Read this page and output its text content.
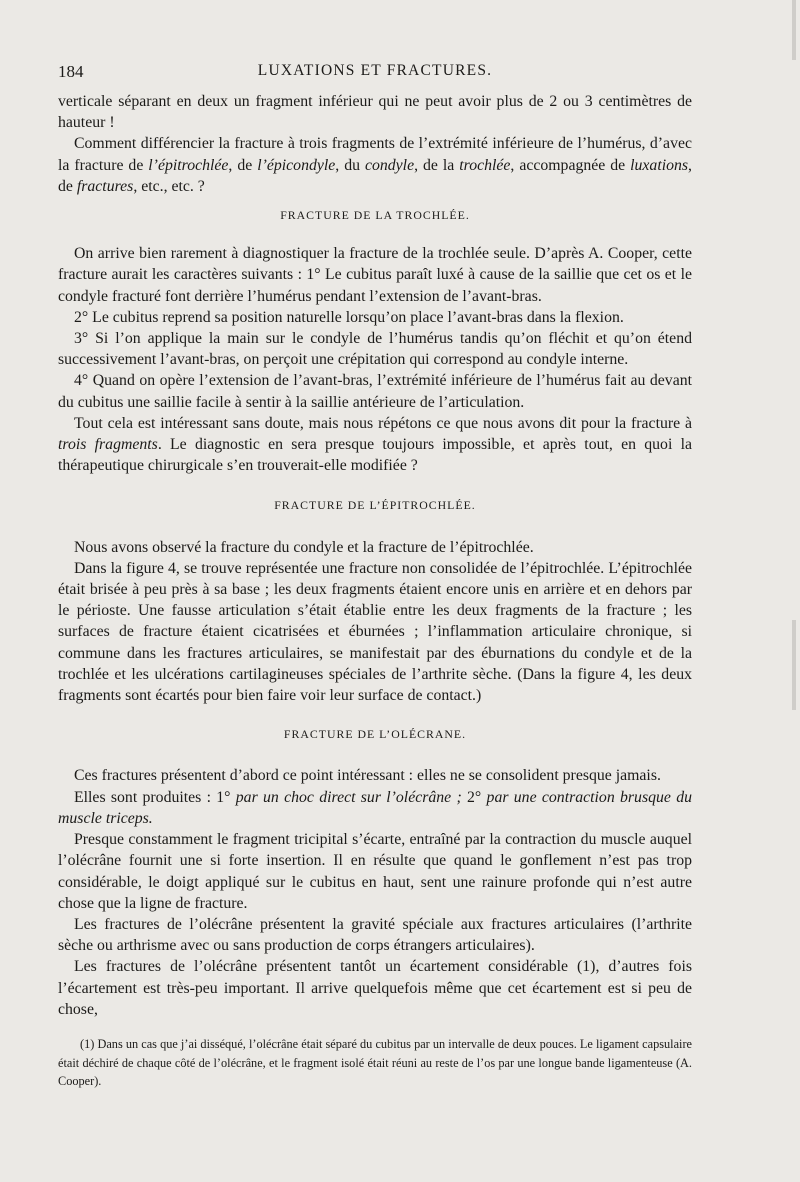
184	LUXATIONS ET FRACTURES.

verticale séparant en deux un fragment inférieur qui ne peut avoir plus de 2 ou 3 centimètres de hauteur !

Comment différencier la fracture à trois fragments de l’extrémité inférieure de l’humérus, d’avec la fracture de l’épitrochlée, de l’épicondyle, du condyle, de la trochlée, accompagnée de luxations, de fractures, etc., etc. ?

FRACTURE DE LA TROCHLÉE.

On arrive bien rarement à diagnostiquer la fracture de la trochlée seule. D’après A. Cooper, cette fracture aurait les caractères suivants : 1° Le cubitus paraît luxé à cause de la saillie que cet os et le condyle fracturé font derrière l’humérus pendant l’extension de l’avant-bras.

2° Le cubitus reprend sa position naturelle lorsqu’on place l’avant-bras dans la flexion.

3° Si l’on applique la main sur le condyle de l’humérus tandis qu’on fléchit et qu’on étend successivement l’avant-bras, on perçoit une crépitation qui correspond au condyle interne.

4° Quand on opère l’extension de l’avant-bras, l’extrémité inférieure de l’humérus fait au devant du cubitus une saillie facile à sentir à la saillie antérieure de l’articulation.

Tout cela est intéressant sans doute, mais nous répétons ce que nous avons dit pour la fracture à trois fragments. Le diagnostic en sera presque toujours impossible, et après tout, en quoi la thérapeutique chirurgicale s’en trouverait-elle modifiée ?

FRACTURE DE L’ÉPITROCHLÉE.

Nous avons observé la fracture du condyle et la fracture de l’épitrochlée.

Dans la figure 4, se trouve représentée une fracture non consolidée de l’épitrochlée. L’épitrochlée était brisée à peu près à sa base ; les deux fragments étaient encore unis en arrière et en dehors par le périoste. Une fausse articulation s’était établie entre les deux fragments de la fracture ; les surfaces de fracture étaient cicatrisées et éburnées ; l’inflammation articulaire chronique, si commune dans les fractures articulaires, se manifestait par des éburnations du condyle et de la trochlée et les ulcérations cartilagineuses spéciales de l’arthrite sèche. (Dans la figure 4, les deux fragments sont écartés pour bien faire voir leur surface de contact.)

FRACTURE DE L’OLÉCRANE.

Ces fractures présentent d’abord ce point intéressant : elles ne se consolident presque jamais.

Elles sont produites : 1° par un choc direct sur l’olécrâne ; 2° par une contraction brusque du muscle triceps.

Presque constamment le fragment tricipital s’écarte, entraîné par la contraction du muscle auquel l’olécrâne fournit une si forte insertion. Il en résulte que quand le gonflement n’est pas trop considérable, le doigt appliqué sur le cubitus en haut, sent une rainure profonde qui n’est autre chose que la ligne de fracture.

Les fractures de l’olécrâne présentent la gravité spéciale aux fractures articulaires (l’arthrite sèche ou arthrisme avec ou sans production de corps étrangers articulaires).

Les fractures de l’olécrâne présentent tantôt un écartement considérable (1), d’autres fois l’écartement est très-peu important. Il arrive quelquefois même que cet écartement est si peu de chose,

(1) Dans un cas que j’ai disséqué, l’olécrâne était séparé du cubitus par un intervalle de deux pouces. Le ligament capsulaire était déchiré de chaque côté de l’olécrâne, et le fragment isolé était réuni au reste de l’os par une longue bande ligamenteuse (A. Cooper).
